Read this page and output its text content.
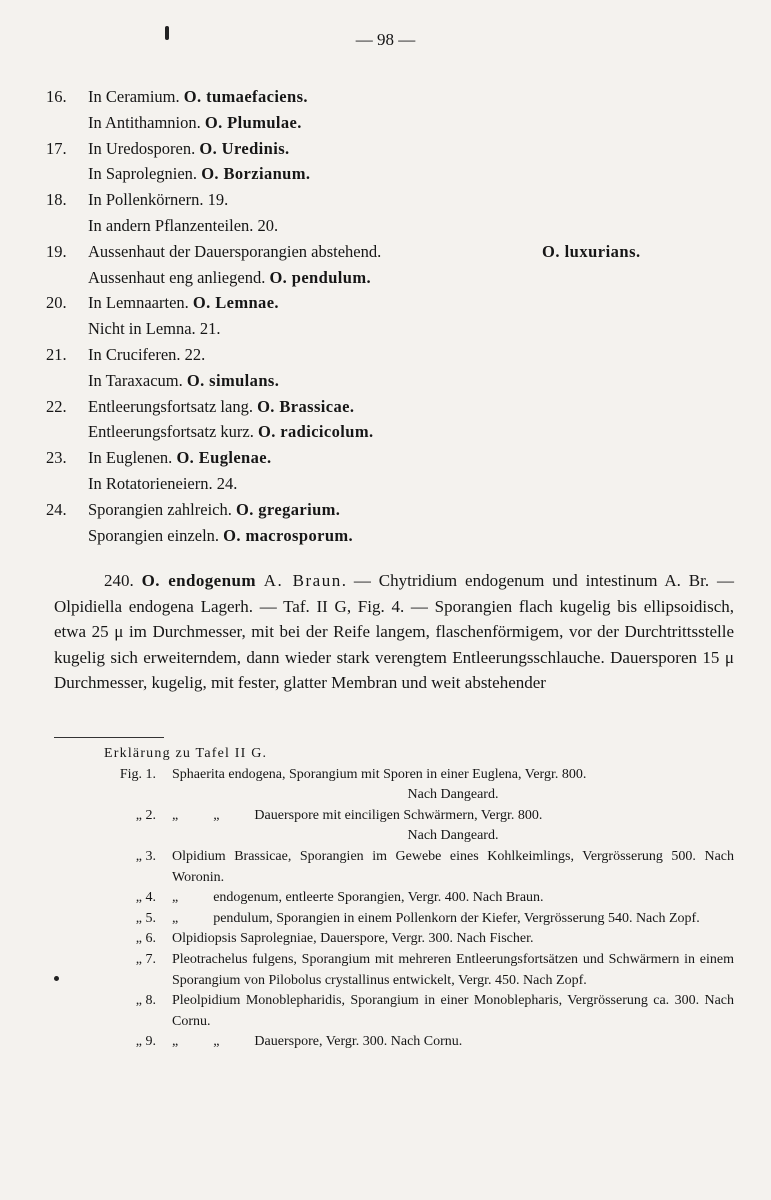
— 98 —
16. In Ceramium. O. tumaefaciens.
In Antithamnion. O. Plumulae.
17. In Uredosporen. O. Uredinis.
In Saprolegnien. O. Borzianum.
18. In Pollenkörnern. 19.
In andern Pflanzenteilen. 20.
19. Aussenhaut der Dauersporangien abstehend.	O. luxurians.
Aussenhaut eng anliegend. O. pendulum.
20. In Lemnaarten. O. Lemnae.
Nicht in Lemna. 21.
21. In Cruciferen. 22.
In Taraxacum. O. simulans.
22. Entleerungsfortsatz lang. O. Brassicae.
Entleerungsfortsatz kurz. O. radicicolum.
23. In Euglenen. O. Euglenae.
In Rotatorieneiern. 24.
24. Sporangien zahlreich. O. gregarium.
Sporangien einzeln. O. macrosporum.

240. O. endogenum A. Braun. — Chytridium endogenum und intestinum A. Br. — Olpidiella endogena Lagerh. — Taf. II G, Fig. 4. — Sporangien flach kugelig bis ellipsoidisch, etwa 25 μ im Durchmesser, mit bei der Reife langem, flaschenförmigem, vor der Durchtrittsstelle kugelig sich erweiterndem, dann wieder stark verengtem Entleerungsschlauche. Dauersporen 15 μ Durchmesser, kugelig, mit fester, glatter Membran und weit abstehender

Erklärung zu Tafel II G.
Fig. 1. Sphaerita endogena, Sporangium mit Sporen in einer Euglena, Vergr. 800.
Nach Dangeard.
„ 2. „          „          Dauerspore mit einciligen Schwärmern, Vergr. 800.
Nach Dangeard.
„ 3. Olpidium Brassicae, Sporangien im Gewebe eines Kohlkeimlings, Vergrösserung 500. Nach Woronin.
„ 4. „          endogenum, entleerte Sporangien, Vergr. 400. Nach Braun.
„ 5. „          pendulum, Sporangien in einem Pollenkorn der Kiefer, Vergrösserung 540. Nach Zopf.
„ 6. Olpidiopsis Saprolegniae, Dauerspore, Vergr. 300. Nach Fischer.
„ 7. Pleotrachelus fulgens, Sporangium mit mehreren Entleerungsfortsätzen und Schwärmern in einem Sporangium von Pilobolus crystallinus entwickelt, Vergr. 450. Nach Zopf.
„ 8. Pleolpidium Monoblepharidis, Sporangium in einer Monoblepharis, Vergrösserung ca. 300. Nach Cornu.
„ 9. „          „          Dauerspore, Vergr. 300. Nach Cornu.
